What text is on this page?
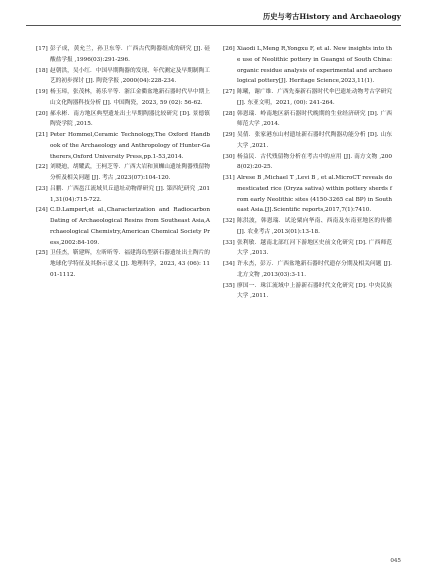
历史与考古History and Archaeology

[17] 彭子成，黄允兰，孙卫东等．广西古代陶器组成的研究 [J]. 硅酸盐学报 ,1996(03):291-296.

[18] 赵朝洪，吴小红．中国早期陶器的发现、年代测定及早期制陶工艺的初步探讨 [J]. 陶瓷学报 ,2000(04):228-234.

[19] 杨玉璋，张茂林，蒋乐平等．浙江金衢盆地新石器时代早中期上山文化陶器科技分析 [J]. 中国陶瓷，2023, 59 (02): 56-62.

[20] 郝永彬．南方地区典型遗址出土早期陶器比较研究 [D]. 景德镇陶瓷学院 ,2015.

[21] Peter Hommel,Ceramic Technology,The Oxford Handbook of the Archaeology and Anthropology of Hunter-Gatherers,Oxford University Press,pp.1-53,2014.

[22] 刘晓迪，胡耀武，王柯芝等．广西大岩和顶蛳山遗址陶器残留物分析及相关问题 [J]. 考古 ,2023(07):104-120.

[23] 吕鹏．广西邕江流域贝丘遗址动物群研究 [J]. 第四纪研究 ,2011,31(04):715-722.

[24] C.D.Lampert,et al.,Characterization and Radiocarbon Dating of Archaeological Resins from Southeast Asia,Archaeological Chemistry,American Chemical Society Press,2002:84-109.

[25] 卫佳杰，靳建辉，左昕昕等．福建海岛型新石器遗址出土陶片的地球化学特征及其指示意义 [J]. 地理科学，2023, 43 (06): 1101-1112.

[26] Xiaodi L,Meng R,Yongxu F, et al. New insights into the use of Neolithic pottery in Guangxi of South China: organic residue analysis of experimental and archaeological pottery[J]. Heritage Science,2023,11(1).

[27] 陈曦，谢广维．广西先秦新石器时代伞巴遗址动物考古学研究 [J]. 东亚文明，2021, (00): 241-264.

[28] 韩恩瑞．岭南地区新石器时代晚期的生业经济研究 [D]. 广西师范大学 ,2014.

[29] 吴倩．张家港东山村遗址新石器时代陶器功能分析 [D]. 山东大学 ,2021.

[30] 杨益民．古代残留物分析在考古中的应用 [J]. 南方文物 ,2008(02):20-25.

[31] Alrese B ,Michael T ,Levi B , et al.MicroCT reveals domesticated rice (Oryza sativa) within pottery sherds from early Neolithic sites (4150-3265 cal BP) in Southeast Asia.[J].Scientific reports,2017,7(1):7410.

[32] 陈洪波，韩恩瑞．试论粟向华南、西南及东南亚地区的传播 [J]. 农业考古 ,2013(01):13-18.

[33] 张利敏．越南北部红河下游地区史前文化研究 [D]. 广西师范大学 ,2013.

[34] 许永杰，彭万．广西盆地新石器时代遗存分期及相关问题 [J]. 北方文物 ,2013(03):3-11.

[35] 廖国一．珠江流域中上游新石器时代文化研究 [D]. 中央民族大学 ,2011.

045
